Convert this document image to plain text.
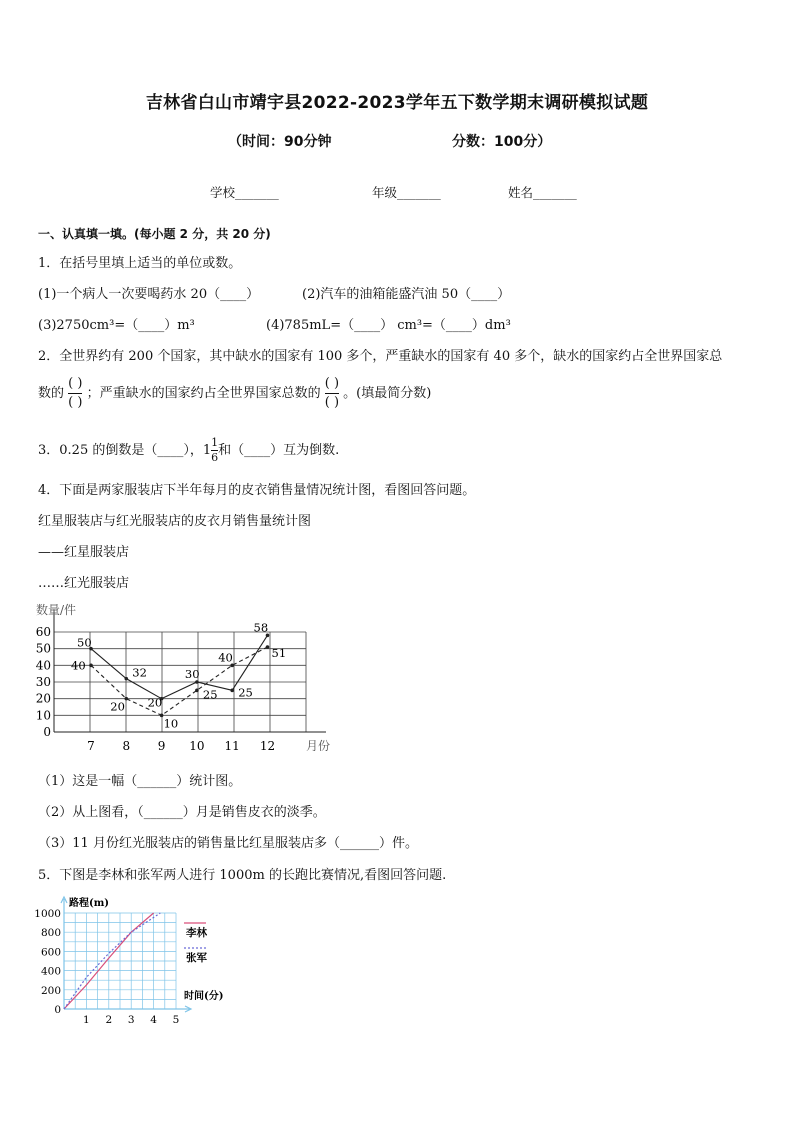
吉林省白山市靖宇县2022-2023学年五下数学期末调研模拟试题
（时间：90分钟	分数：100分）
学校_______	年级_______	姓名_______
一、认真填一填。(每小题 2 分，共 20 分)
1．在括号里填上适当的单位或数。
(1)一个病人一次要喝药水 20（____）	(2)汽车的油箱能盛汽油 50（____）
(3)2750cm³=（____）m³	(4)785mL=（____） cm³=（____）dm³
2．全世界约有 200 个国家，其中缺水的国家有 100 多个，严重缺水的国家有 40 多个，缺水的国家约占全世界国家总
数的 $\frac{( )}{( )}$ ；严重缺水的国家约占全世界国家总数的 $\frac{( )}{( )}$ 。(填最简分数)
3．0.25 的倒数是（____），$1\frac{1}{6}$和（____）互为倒数.
4．下面是两家服装店下半年每月的皮衣销售量情况统计图，看图回答问题。
红星服装店与红光服装店的皮衣月销售量统计图
——红星服装店
……红光服装店
数量/件
月份
0
10
20
30
40
50
60
7 8 9 10 11 12
50
32
20
30
25
58
40
20
10
25
40	51
（1）这是一幅（______）统计图。
（2）从上图看，（______）月是销售皮衣的淡季。
（3）11 月份红光服装店的销售量比红星服装店多（______）件。
5．下图是李林和张军两人进行 1000m 的长跑比赛情况,看图回答问题.
路程(m)
时间(分)
0
200
400
600
800
1000
1 2 3 4 5
李林
张军
